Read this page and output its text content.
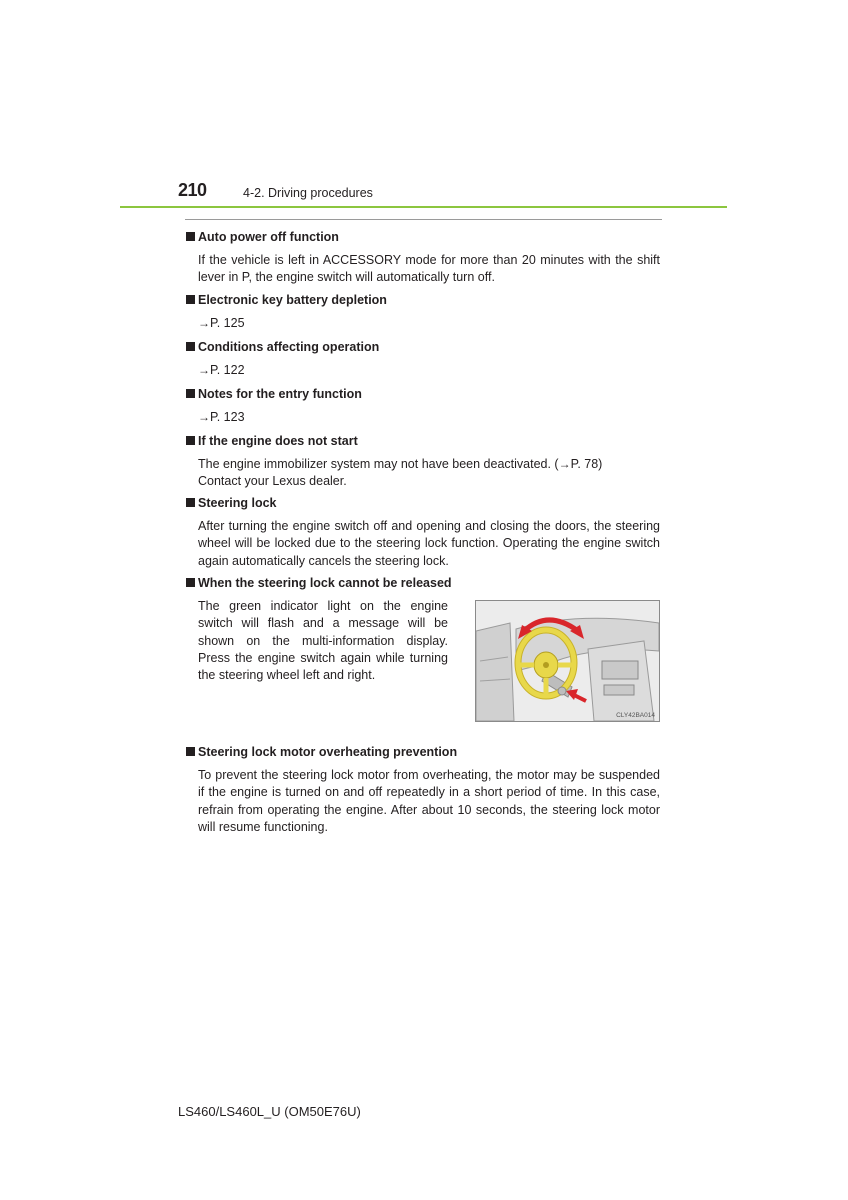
210	4-2. Driving procedures
Auto power off function

If the vehicle is left in ACCESSORY mode for more than 20 minutes with the shift lever in P, the engine switch will automatically turn off.

Electronic key battery depletion

→P. 125

Conditions affecting operation

→P. 122

Notes for the entry function

→P. 123

If the engine does not start

The engine immobilizer system may not have been deactivated. (→P. 78)
Contact your Lexus dealer.

Steering lock

After turning the engine switch off and opening and closing the doors, the steering wheel will be locked due to the steering lock function. Operating the engine switch again automatically cancels the steering lock.

When the steering lock cannot be released

The green indicator light on the engine switch will flash and a message will be shown on the multi-information display. Press the engine switch again while turning the steering wheel left and right.

CLY42BA014
Steering lock motor overheating prevention

To prevent the steering lock motor from overheating, the motor may be suspended if the engine is turned on and off repeatedly in a short period of time. In this case, refrain from operating the engine. After about 10 seconds, the steering lock motor will resume functioning.

LS460/LS460L_U (OM50E76U)
